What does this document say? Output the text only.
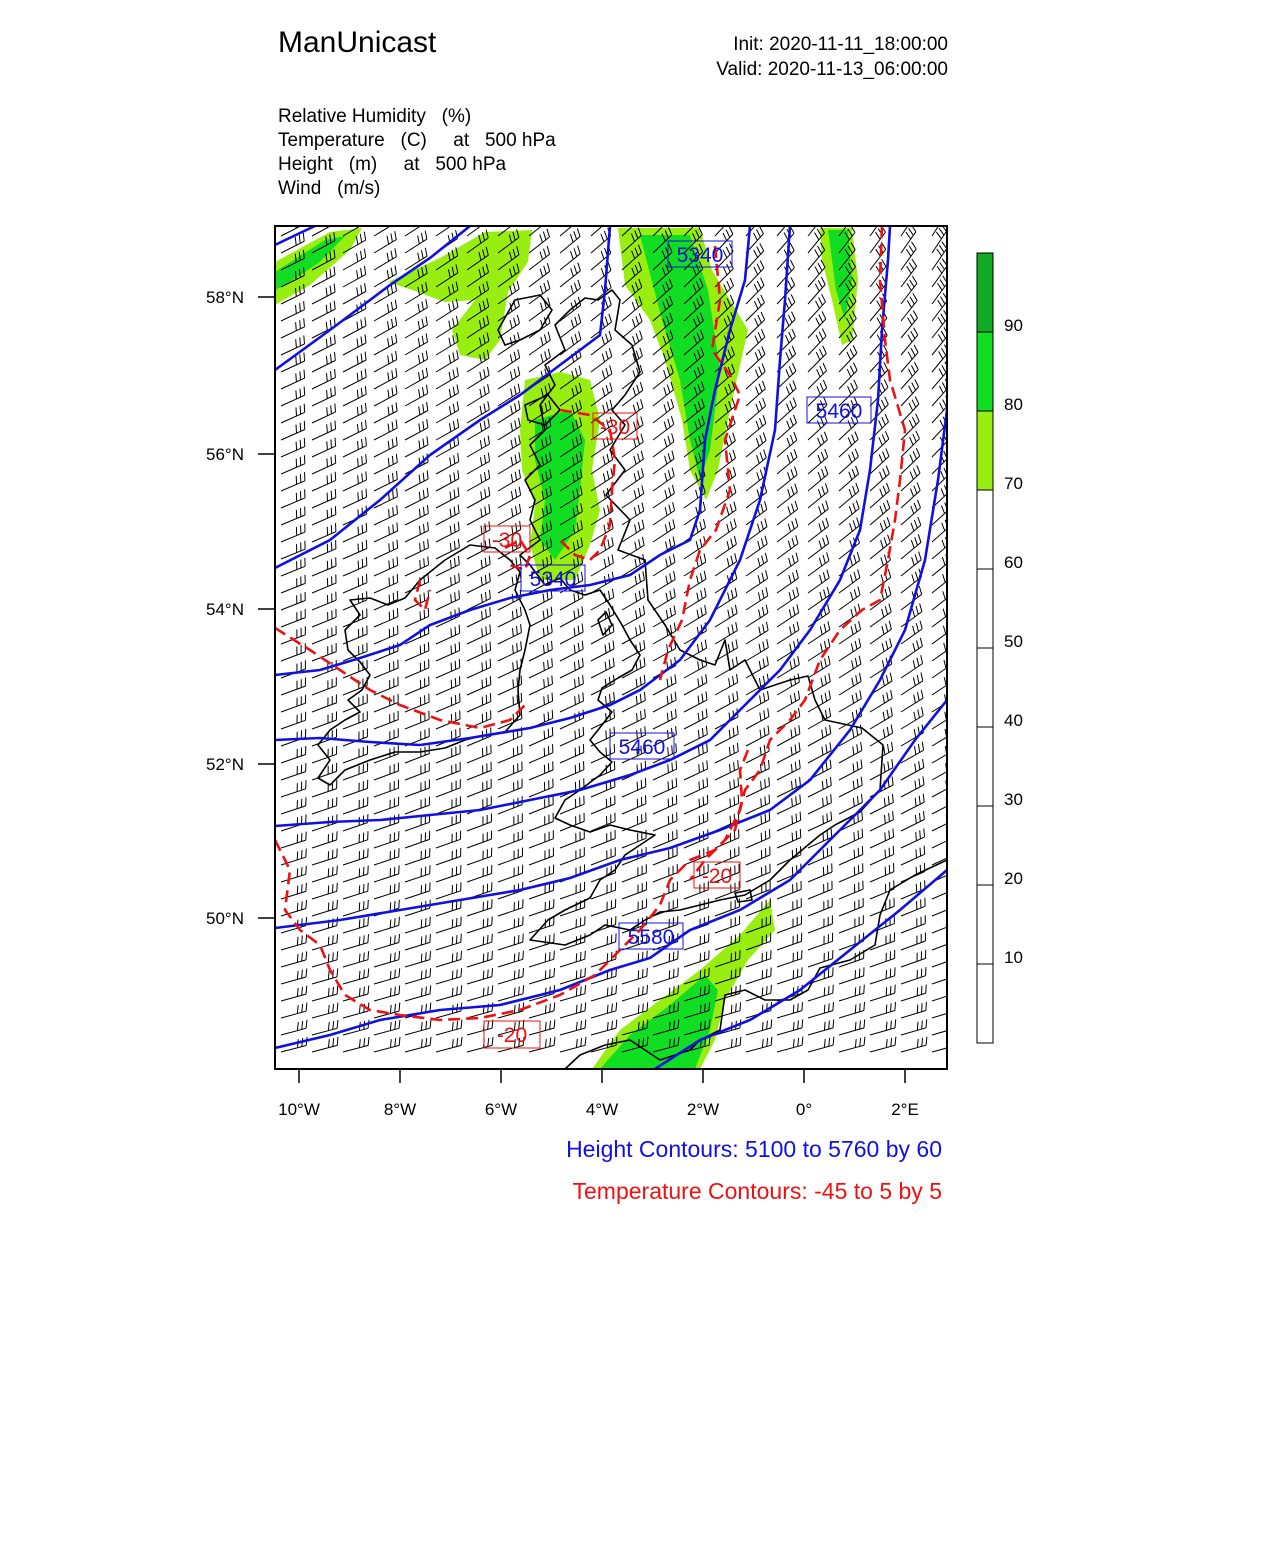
ManUnicast	Init: 2020-11-11_18:00:00
Valid: 2020-11-13_06:00:00
Relative Humidity   (%)
Temperature   (C)     at   500 hPa
Height   (m)     at   500 hPa
Wind   (m/s)
5340
5460
5340
5460
5580
-30
-30
-20
-20
10°W	8°W	6°W	4°W	2°W	0°	2°E
58°N
56°N
54°N
52°N
50°N
10
20
30
40
50
60
70
80
90
Height Contours: 5100 to 5760 by 60
Temperature Contours: -45 to 5 by 5
